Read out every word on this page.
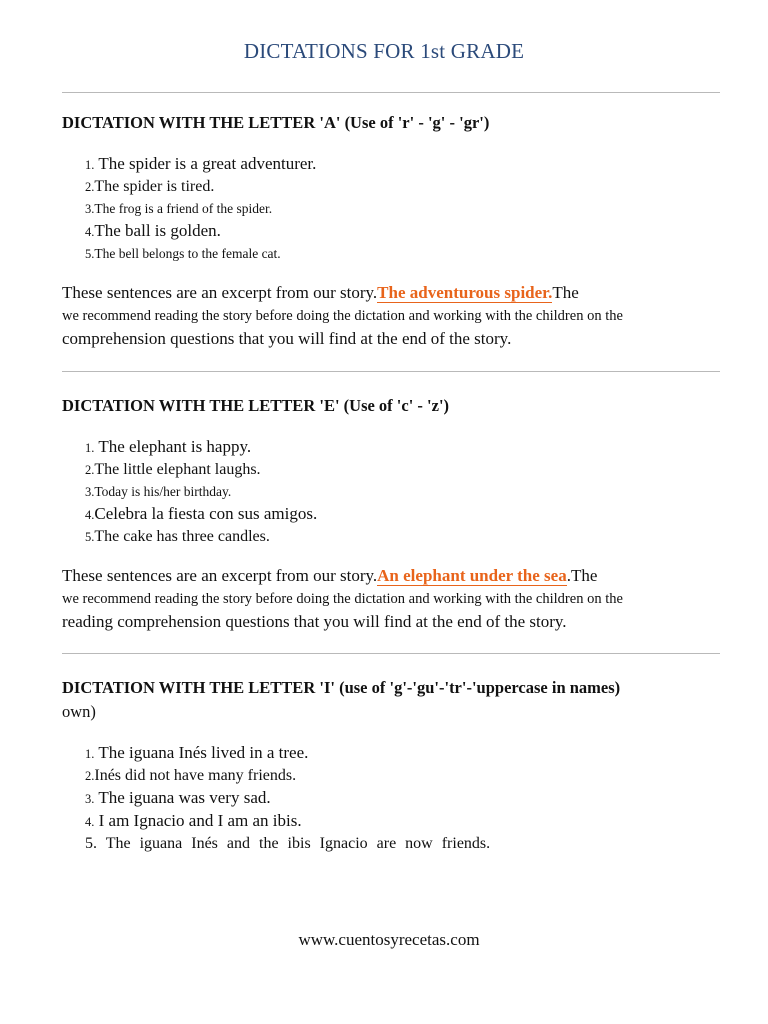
DICTATIONS FOR 1st GRADE

DICTATION WITH THE LETTER 'A' (Use of 'r' - 'g' - 'gr')

1. The spider is a great adventurer.
2.The spider is tired.
3.The frog is a friend of the spider.
4.The ball is golden.
5.The bell belongs to the female cat.
These sentences are an excerpt from our story.The adventurous spider.The
we recommend reading the story before doing the dictation and working with the children on the
comprehension questions that you will find at the end of the story.

DICTATION WITH THE LETTER 'E' (Use of 'c' - 'z')

1. The elephant is happy.
2.The little elephant laughs.
3.Today is his/her birthday.
4.Celebra la fiesta con sus amigos.
5.The cake has three candles.
These sentences are an excerpt from our story.An elephant under the sea.The
we recommend reading the story before doing the dictation and working with the children on the
reading comprehension questions that you will find at the end of the story.

DICTATION WITH THE LETTER 'I' (use of 'g'-'gu'-'tr'-'uppercase in names)
own)

1. The iguana Inés lived in a tree.
2.Inés did not have many friends.
3. The iguana was very sad.
4. I am Ignacio and I am an ibis.
5. The iguana Inés and the ibis Ignacio are now friends.
www.cuentosyrecetas.com
